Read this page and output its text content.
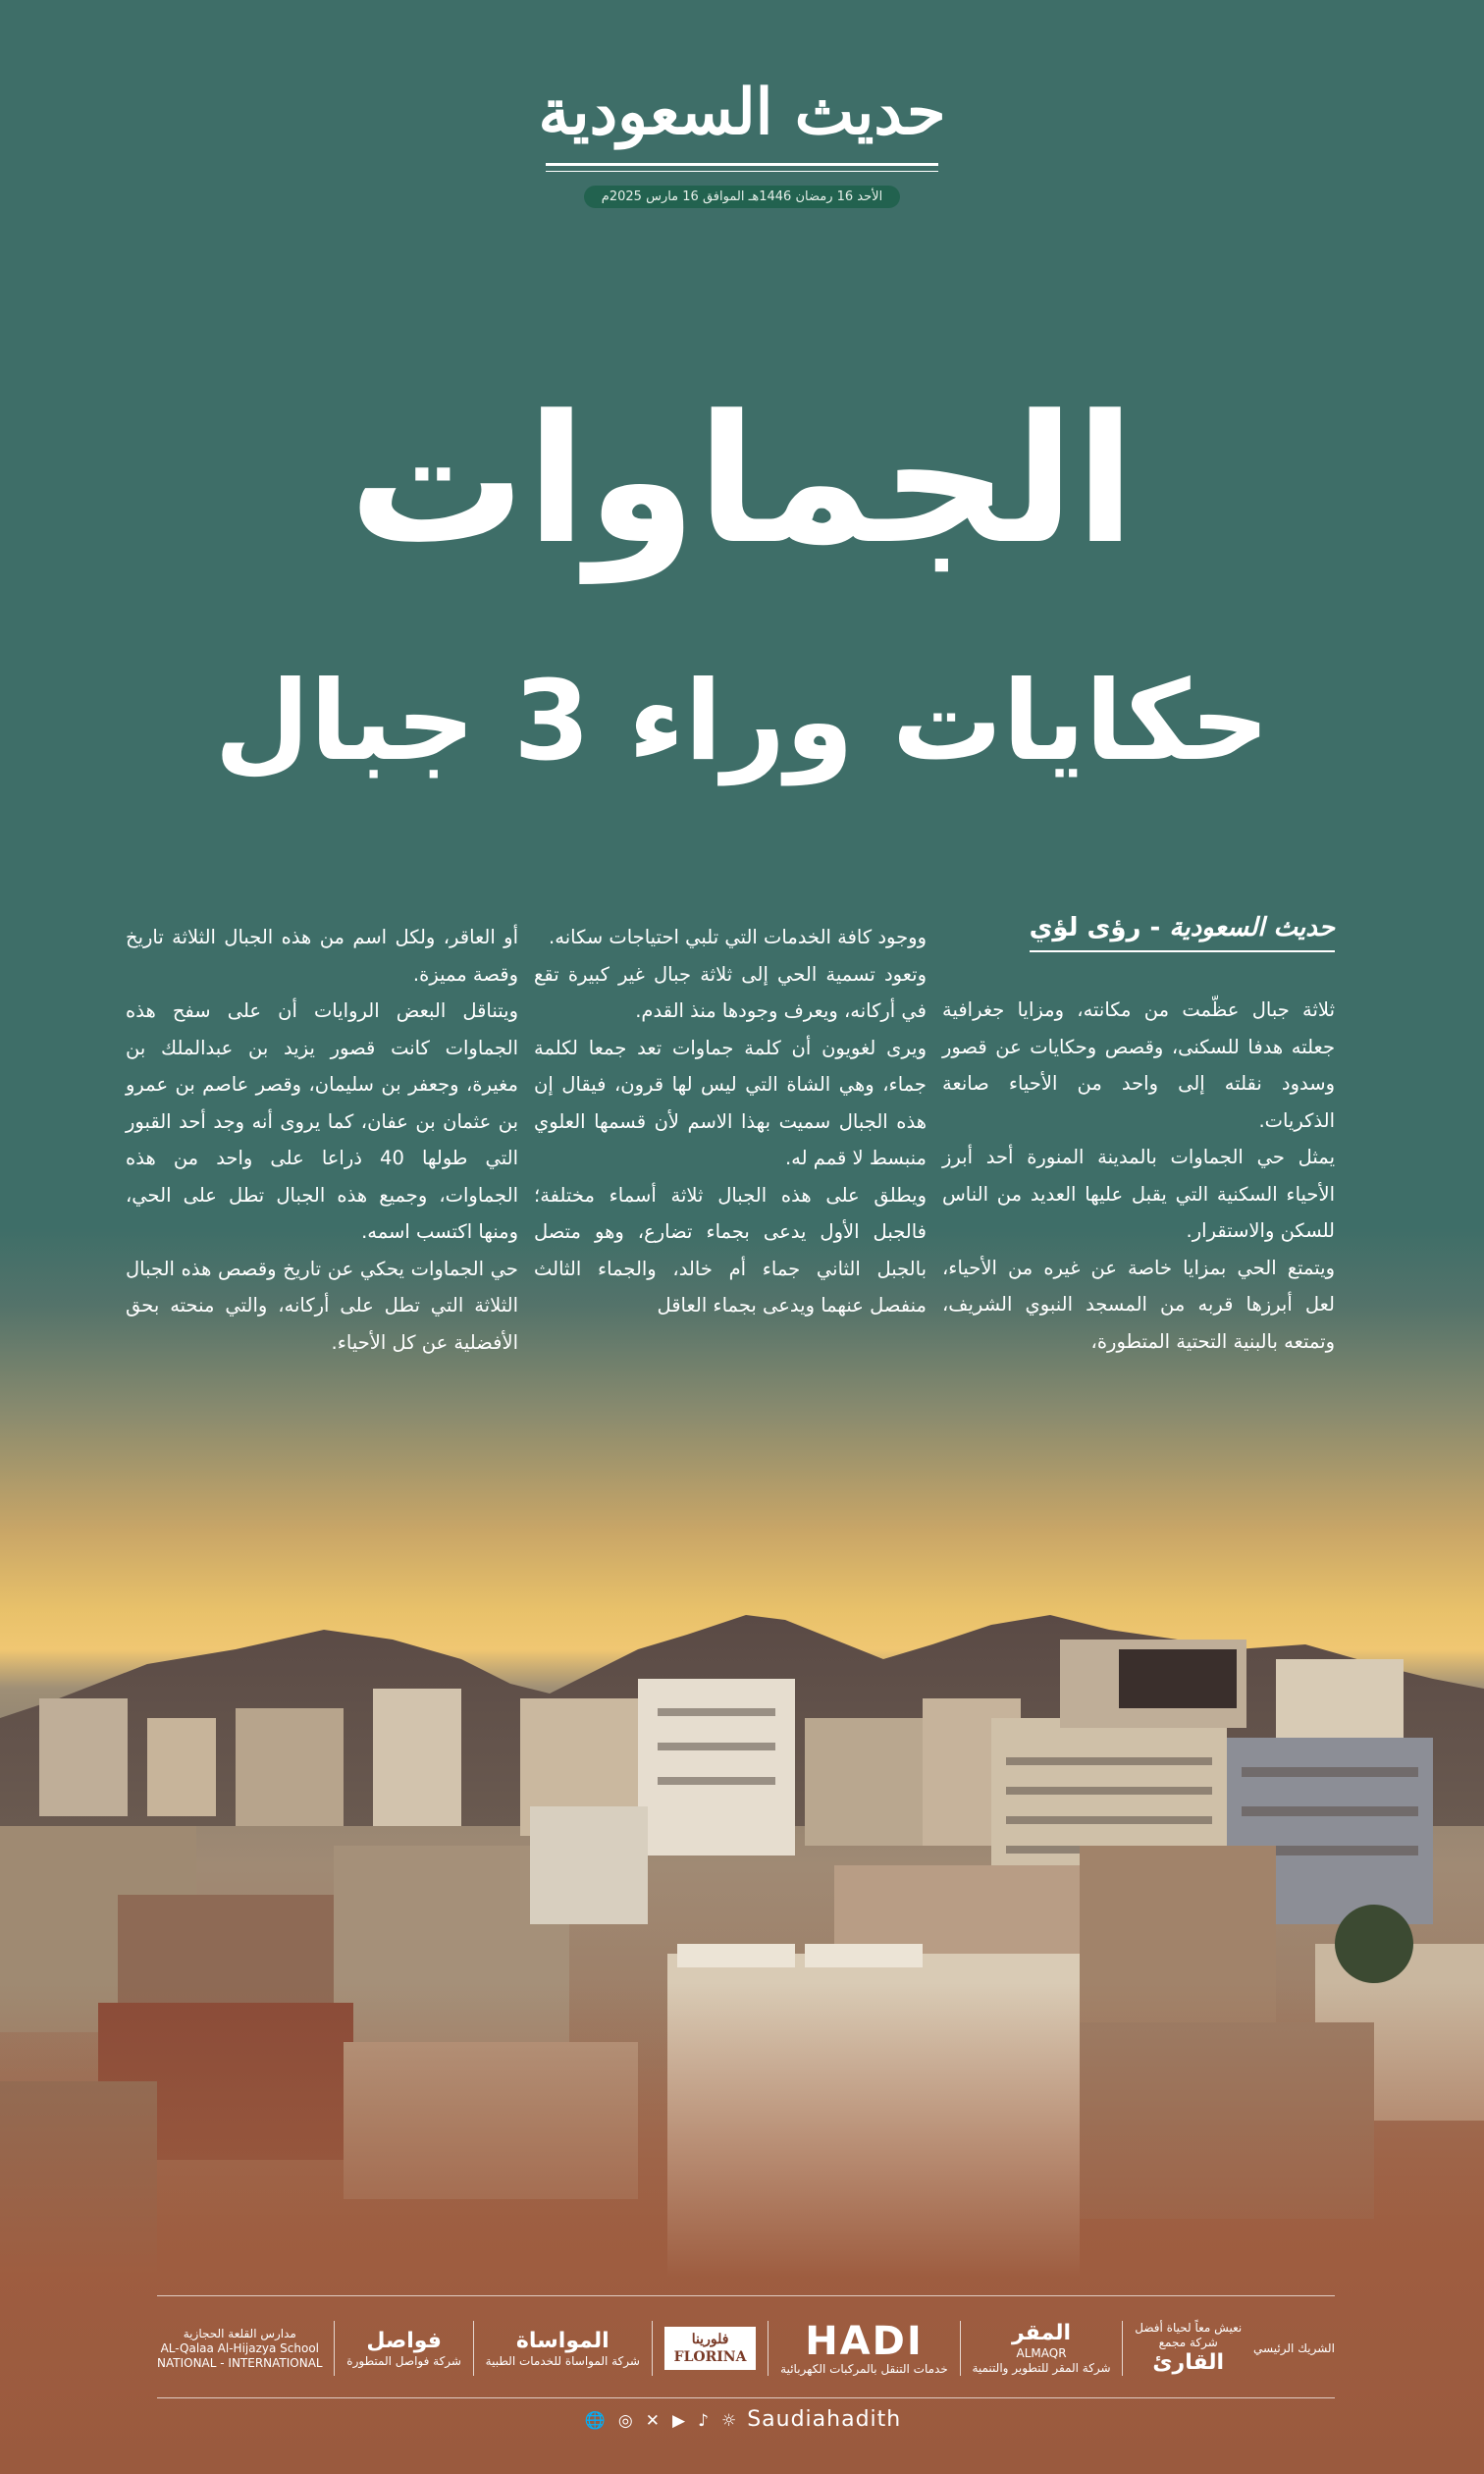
حديث السعودية
الأحد 16 رمضان 1446هـ الموافق 16 مارس 2025م
الجماوات
حكايات وراء 3 جبال
حديث السعودية - رؤى لؤي

ثلاثة جبال عظّمت من مكانته، ومزايا جغرافية جعلته هدفا للسكنى، وقصص وحكايات عن قصور وسدود نقلته إلى واحد من الأحياء صانعة الذكريات.

يمثل حي الجماوات بالمدينة المنورة أحد أبرز الأحياء السكنية التي يقبل عليها العديد من الناس للسكن والاستقرار.

ويتمتع الحي بمزايا خاصة عن غيره من الأحياء، لعل أبرزها قربه من المسجد النبوي الشريف، وتمتعه بالبنية التحتية المتطورة،

ووجود كافة الخدمات التي تلبي احتياجات سكانه.

وتعود تسمية الحي إلى ثلاثة جبال غير كبيرة تقع في أركانه، ويعرف وجودها منذ القدم.

ويرى لغويون أن كلمة جماوات تعد جمعا لكلمة جماء، وهي الشاة التي ليس لها قرون، فيقال إن هذه الجبال سميت بهذا الاسم لأن قسمها العلوي منبسط لا قمم له.

ويطلق على هذه الجبال ثلاثة أسماء مختلفة؛ فالجبل الأول يدعى بجماء تضارع، وهو متصل بالجبل الثاني جماء أم خالد، والجماء الثالث منفصل عنهما ويدعى بجماء العاقل

أو العاقر، ولكل اسم من هذه الجبال الثلاثة تاريخ وقصة مميزة.

ويتناقل البعض الروايات أن على سفح هذه الجماوات كانت قصور يزيد بن عبدالملك بن مغيرة، وجعفر بن سليمان، وقصر عاصم بن عمرو بن عثمان بن عفان، كما يروى أنه وجد أحد القبور التي طولها 40 ذراعا على واحد من هذه الجماوات، وجميع هذه الجبال تطل على الحي، ومنها اكتسب اسمه.

حي الجماوات يحكي عن تاريخ وقصص هذه الجبال الثلاثة التي تطل على أركانه، والتي منحته بحق الأفضلية عن كل الأحياء.

الشريك الرئيسي
نعيش معاً لحياة أفضل
شركة مجمع
القارئ
المقر
ALMAQR
شركة المقر للتطوير والتنمية
HADI
خدمات التنقل بالمركبات الكهربائية
فلورينا
FLORINA
المواساة
شركة المواساة للخدمات الطبية
فواصل
شركة فواصل المتطورة
مدارس القلعة الحجازية
AL-Qalaa Al-Hijazya School
NATIONAL - INTERNATIONAL
🌐 ◎ ✕ ▶ ♪ ☼ Saudiahadith
